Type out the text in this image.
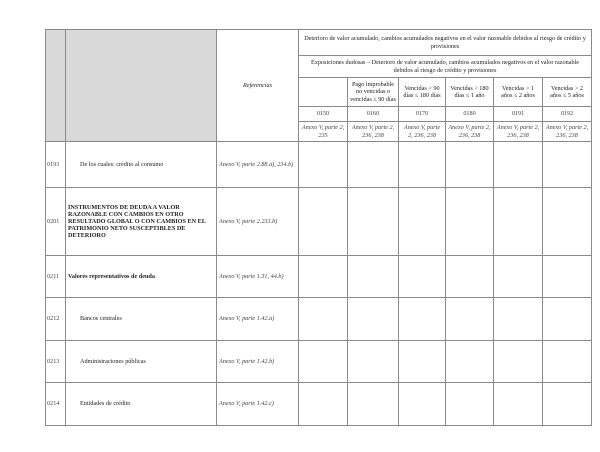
		Referencias	Deterioro de valor acumulado, cambios acumulados negativos en el valor razonable debidos al riesgo de crédito y provisiones					
			Exposiciones dudosas – Deterioro de valor acumulado, cambios acumulados negativos en el valor razonable debidos al riesgo de crédito y provisiones					
				Pago improbable no vencidas o vencidas ≤ 90 días	Vencidas > 90 días ≤ 180 días	Vencidas > 180 días ≤ 1 año	Vencidas > 1 años ≤ 2 años	Vencidas > 2 años ≤ 5 años
			0150	0160	0170	0180	0191	0192
			Anexo V, parte 2, 235	Anexo V, parte 2, 236, 238	Anexo V, parte 2, 236, 238	Anexo V, parte 2, 236, 238	Anexo V, parte 2, 236, 238	Anexo V, parte 2, 236, 238
0193	De los cuales: crédito al consumo	Anexo V, parte 2.88.a), 234.b)						
0201	INSTRUMENTOS DE DEUDA A VALOR RAZONABLE CON CAMBIOS EN OTRO RESULTADO GLOBAL O CON CAMBIOS EN EL PATRIMONIO NETO SUSCEPTIBLES DE DETERIORO	Anexo V, parte 2.233.b)						
0211	Valores representativos de deuda	Anexo V, parte 1.31, 44.b)						
0212	Bancos centrales	Anexo V, parte 1.42.a)						
0213	Administraciones públicas	Anexo V, parte 1.42.b)						
0214	Entidades de crédito	Anexo V, parte 1.42.c)						
